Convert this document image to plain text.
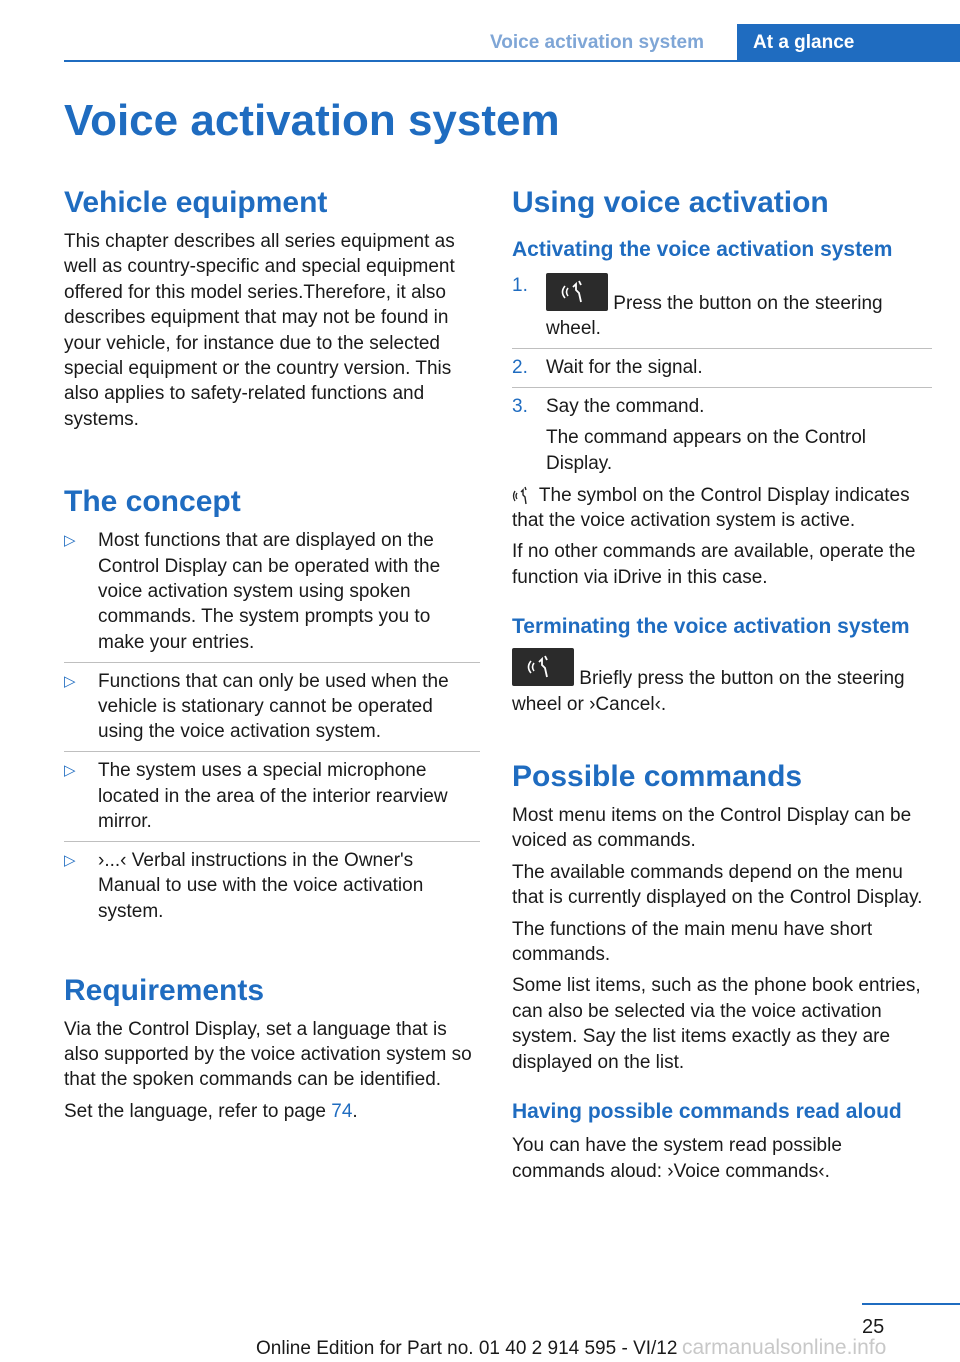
Voice activation system	At a glance
Voice activation system
Vehicle equipment

This chapter describes all series equipment as well as country-specific and special equipment offered for this model series.Therefore, it also describes equipment that may not be found in your vehicle, for instance due to the selected special equipment or the country version. This also applies to safety-related functions and systems.

The concept
▷ Most functions that are displayed on the Control Display can be operated with the voice activation system using spoken commands. The system prompts you to make your entries.
▷ Functions that can only be used when the vehicle is stationary cannot be operated using the voice activation system.
▷ The system uses a special microphone located in the area of the interior rearview mirror.
▷ ›...‹ Verbal instructions in the Owner's Manual to use with the voice activation system.
Requirements

Via the Control Display, set a language that is also supported by the voice activation system so that the spoken commands can be identified.

Set the language, refer to page 74.

Using voice activation
Activating the voice activation system
1.
Press the button on the steering wheel.
2. Wait for the signal.
3. Say the command.
The command appears on the Control Display.

The symbol on the Control Display indicates that the voice activation system is active.

If no other commands are available, operate the function via iDrive in this case.

Terminating the voice activation system

Briefly press the button on the steering wheel or ›Cancel‹.

Possible commands

Most menu items on the Control Display can be voiced as commands.

The available commands depend on the menu that is currently displayed on the Control Display.

The functions of the main menu have short commands.

Some list items, such as the phone book entries, can also be selected via the voice activation system. Say the list items exactly as they are displayed on the list.

Having possible commands read aloud

You can have the system read possible commands aloud: ›Voice commands‹.

25
Online Edition for Part no. 01 40 2 914 595 - VI/12 carmanualsonline.info
